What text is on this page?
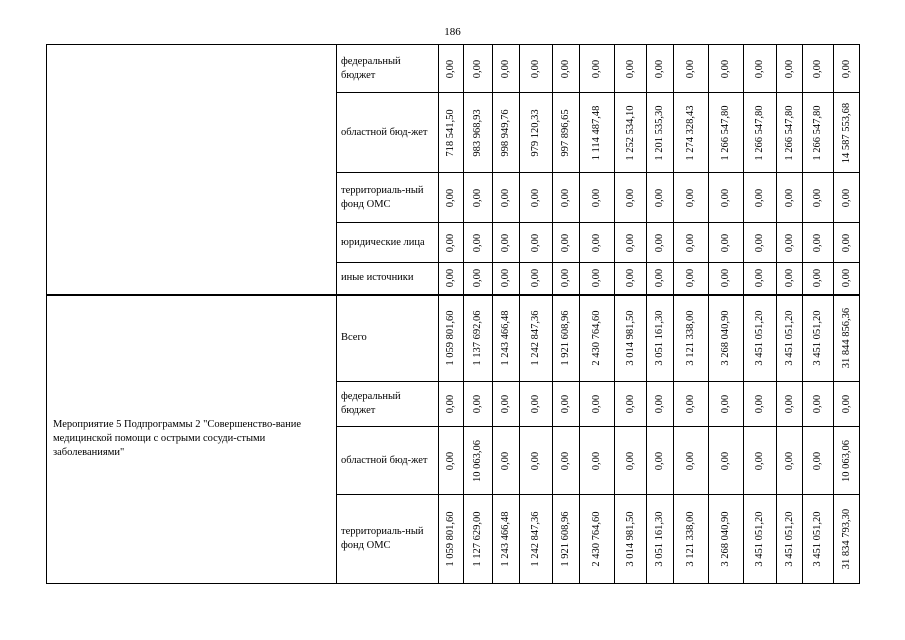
186

	федеральный бюджет	0,00	0,00	0,00	0,00	0,00	0,00	0,00	0,00	0,00	0,00	0,00	0,00	0,00	0,00

	областной бюд-жет	718 541,50	983 968,93	998 949,76	979 120,33	997 896,65	1 114 487,48	1 252 534,10	1 201 535,30	1 274 328,43	1 266 547,80	1 266 547,80	1 266 547,80	1 266 547,80	14 587 553,68

	территориаль-ный фонд ОМС	0,00	0,00	0,00	0,00	0,00	0,00	0,00	0,00	0,00	0,00	0,00	0,00	0,00	0,00

	юридические лица	0,00	0,00	0,00	0,00	0,00	0,00	0,00	0,00	0,00	0,00	0,00	0,00	0,00	0,00

	иные источники	0,00	0,00	0,00	0,00	0,00	0,00	0,00	0,00	0,00	0,00	0,00	0,00	0,00	0,00

Мероприятие 5 Подпрограммы 2 "Совершенство-вание медицинской помощи с острыми сосуди-стыми заболеваниями"	Всего	1 059 801,60	1 137 692,06	1 243 466,48	1 242 847,36	1 921 608,96	2 430 764,60	3 014 981,50	3 051 161,30	3 121 338,00	3 268 040,90	3 451 051,20	3 451 051,20	3 451 051,20	31 844 856,36

	федеральный бюджет	0,00	0,00	0,00	0,00	0,00	0,00	0,00	0,00	0,00	0,00	0,00	0,00	0,00	0,00

	областной бюд-жет	0,00	10 063,06	0,00	0,00	0,00	0,00	0,00	0,00	0,00	0,00	0,00	0,00	0,00	10 063,06

	территориаль-ный фонд ОМС	1 059 801,60	1 127 629,00	1 243 466,48	1 242 847,36	1 921 608,96	2 430 764,60	3 014 981,50	3 051 161,30	3 121 338,00	3 268 040,90	3 451 051,20	3 451 051,20	3 451 051,20	31 834 793,30
